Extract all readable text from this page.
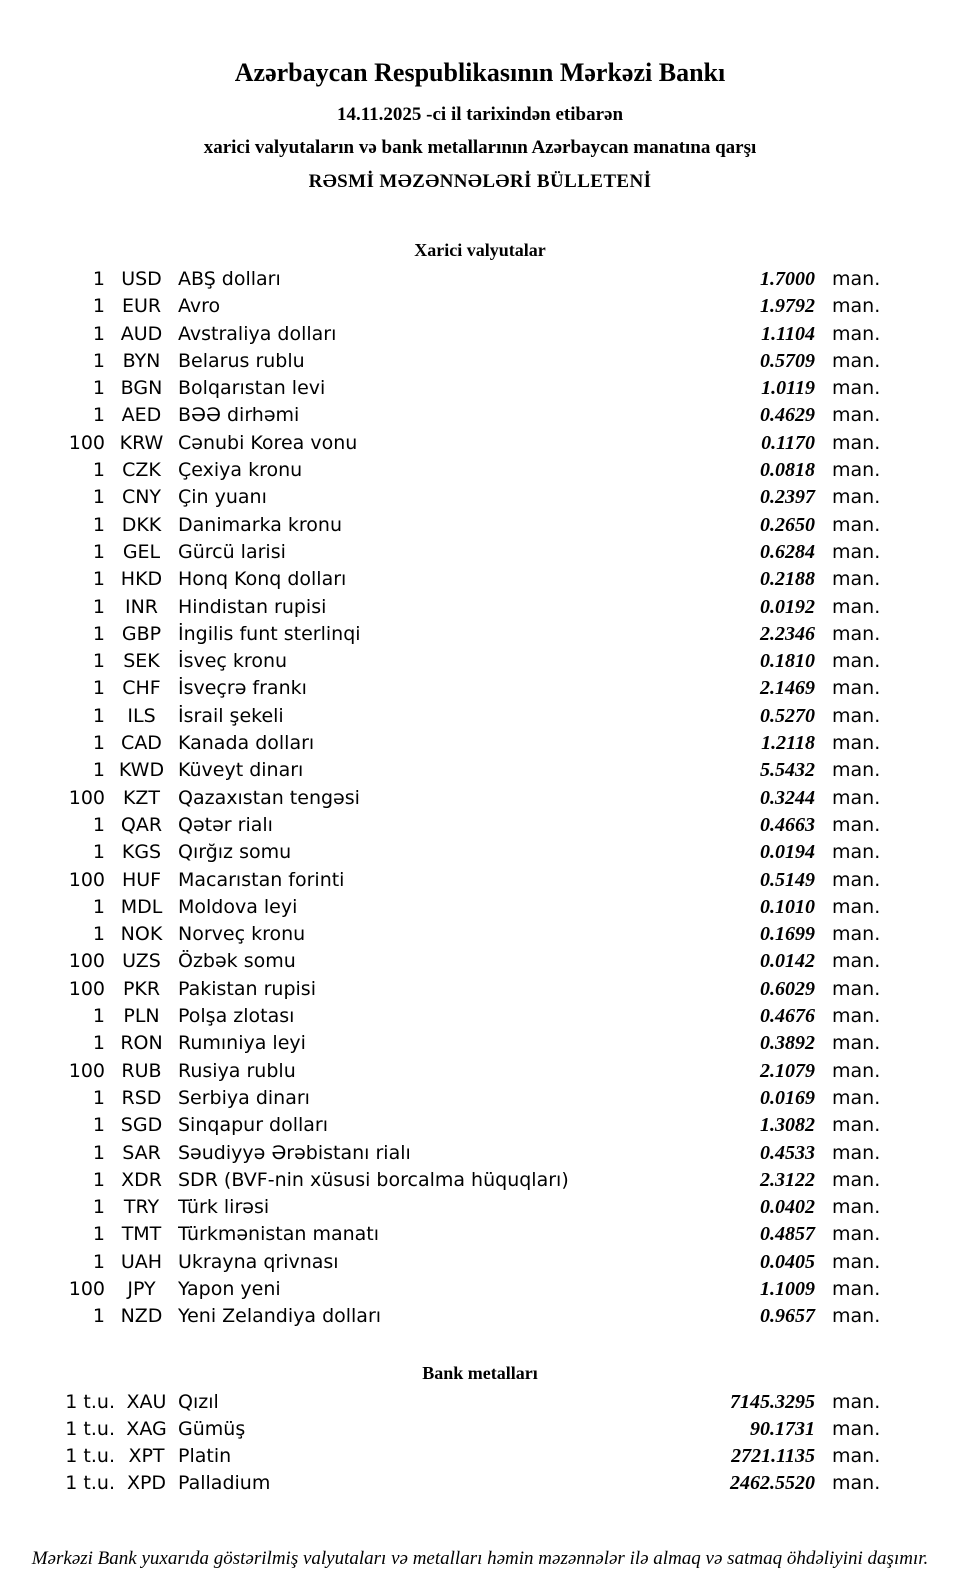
Azərbaycan Respublikasının Mərkəzi Bankı
14.11.2025 -ci il tarixindən etibarən
xarici valyutaların və bank metallarının Azərbaycan manatına qarşı
RƏSMİ MƏZƏNNƏLƏRİ BÜLLETENİ
Xarici valyutalar
1 USD ABŞ dolları	1.7000 man.
1 EUR Avro	1.9792 man.
1 AUD Avstraliya dolları	1.1104 man.
1 BYN Belarus rublu	0.5709 man.
1 BGN Bolqarıstan levi	1.0119 man.
1 AED BƏƏ dirhəmi	0.4629 man.
100 KRW Cənubi Korea vonu	0.1170 man.
1 CZK Çexiya kronu	0.0818 man.
1 CNY Çin yuanı	0.2397 man.
1 DKK Danimarka kronu	0.2650 man.
1 GEL Gürcü larisi	0.6284 man.
1 HKD Honq Konq dolları	0.2188 man.
1	INR	Hindistan rupisi	0.0192 man.
1 GBP İngilis funt sterlinqi	2.2346 man.
1 SEK İsveç kronu	0.1810 man.
1 CHF İsveçrə frankı	2.1469 man.
1	ILS	İsrail şekeli	0.5270 man.
1 CAD Kanada dolları	1.2118 man.
1 KWD Küveyt dinarı	5.5432 man.
100 KZT Qazaxıstan tengəsi	0.3244 man.
1 QAR Qətər rialı	0.4663 man.
1 KGS Qırğız somu	0.0194 man.
100 HUF Macarıstan forinti	0.5149 man.
1 MDL Moldova leyi	0.1010 man.
1 NOK Norveç kronu	0.1699 man.
100 UZS Özbək somu	0.0142 man.
100 PKR Pakistan rupisi	0.6029 man.
1 PLN Polşa zlotası	0.4676 man.
1 RON Rumıniya leyi	0.3892 man.
100 RUB Rusiya rublu	2.1079 man.
1 RSD Serbiya dinarı	0.0169 man.
1 SGD Sinqapur dolları	1.3082 man.
1 SAR Səudiyyə Ərəbistanı rialı	0.4533 man.
1 XDR SDR (BVF-nin xüsusi borcalma hüquqları)	2.3122 man.
1 TRY Türk lirəsi	0.0402 man.
1 TMT Türkmənistan manatı	0.4857 man.
1 UAH Ukrayna qrivnası	0.0405 man.
100	JPY	Yapon yeni	1.1009 man.
1 NZD Yeni Zelandiya dolları	0.9657 man.
Bank metalları
1 t.u. XAU Qızıl	7145.3295 man.
1 t.u. XAG Gümüş	90.1731 man.
1 t.u. XPT Platin	2721.1135 man.
1 t.u. XPD Palladium	2462.5520 man.
Mərkəzi Bank yuxarıda göstərilmiş valyutaları və metalları həmin məzənnələr ilə almaq və satmaq öhdəliyini daşımır.
